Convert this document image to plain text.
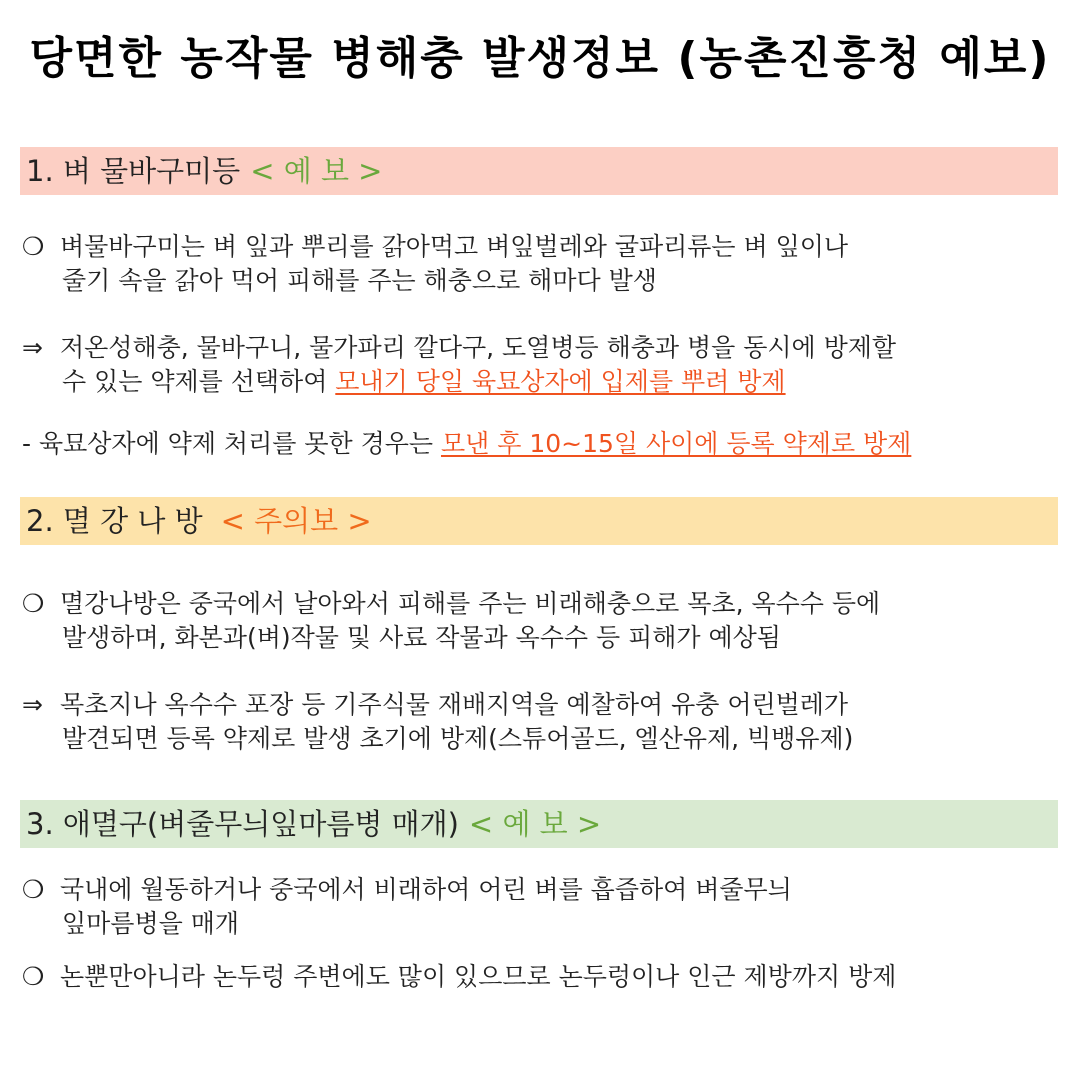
당면한 농작물 병해충 발생정보 (농촌진흥청 예보)
1. 벼 물바구미등 < 예 보 >
❍ 벼물바구미는 벼 잎과 뿌리를 갉아먹고 벼잎벌레와 굴파리류는 벼 잎이나
줄기 속을 갉아 먹어 피해를 주는 해충으로 해마다 발생
⇒ 저온성해충, 물바구니, 물가파리 깔다구, 도열병등 해충과 병을 동시에 방제할
수 있는 약제를 선택하여 모내기 당일 육묘상자에 입제를 뿌려 방제
- 육묘상자에 약제 처리를 못한 경우는 모낸 후 10~15일 사이에 등록 약제로 방제
2. 멸 강 나 방 < 주의보 >
❍ 멸강나방은 중국에서 날아와서 피해를 주는 비래해충으로 목초, 옥수수 등에
발생하며, 화본과(벼)작물 및 사료 작물과 옥수수 등 피해가 예상됨
⇒ 목초지나 옥수수 포장 등 기주식물 재배지역을 예찰하여 유충 어린벌레가
발견되면 등록 약제로 발생 초기에 방제(스튜어골드, 엘산유제, 빅뱅유제)
3. 애멸구(벼줄무늬잎마름병 매개) < 예 보 >
❍ 국내에 월동하거나 중국에서 비래하여 어린 벼를 흡즙하여 벼줄무늬
잎마름병을 매개
❍ 논뿐만아니라 논두렁 주변에도 많이 있으므로 논두렁이나 인근 제방까지 방제
